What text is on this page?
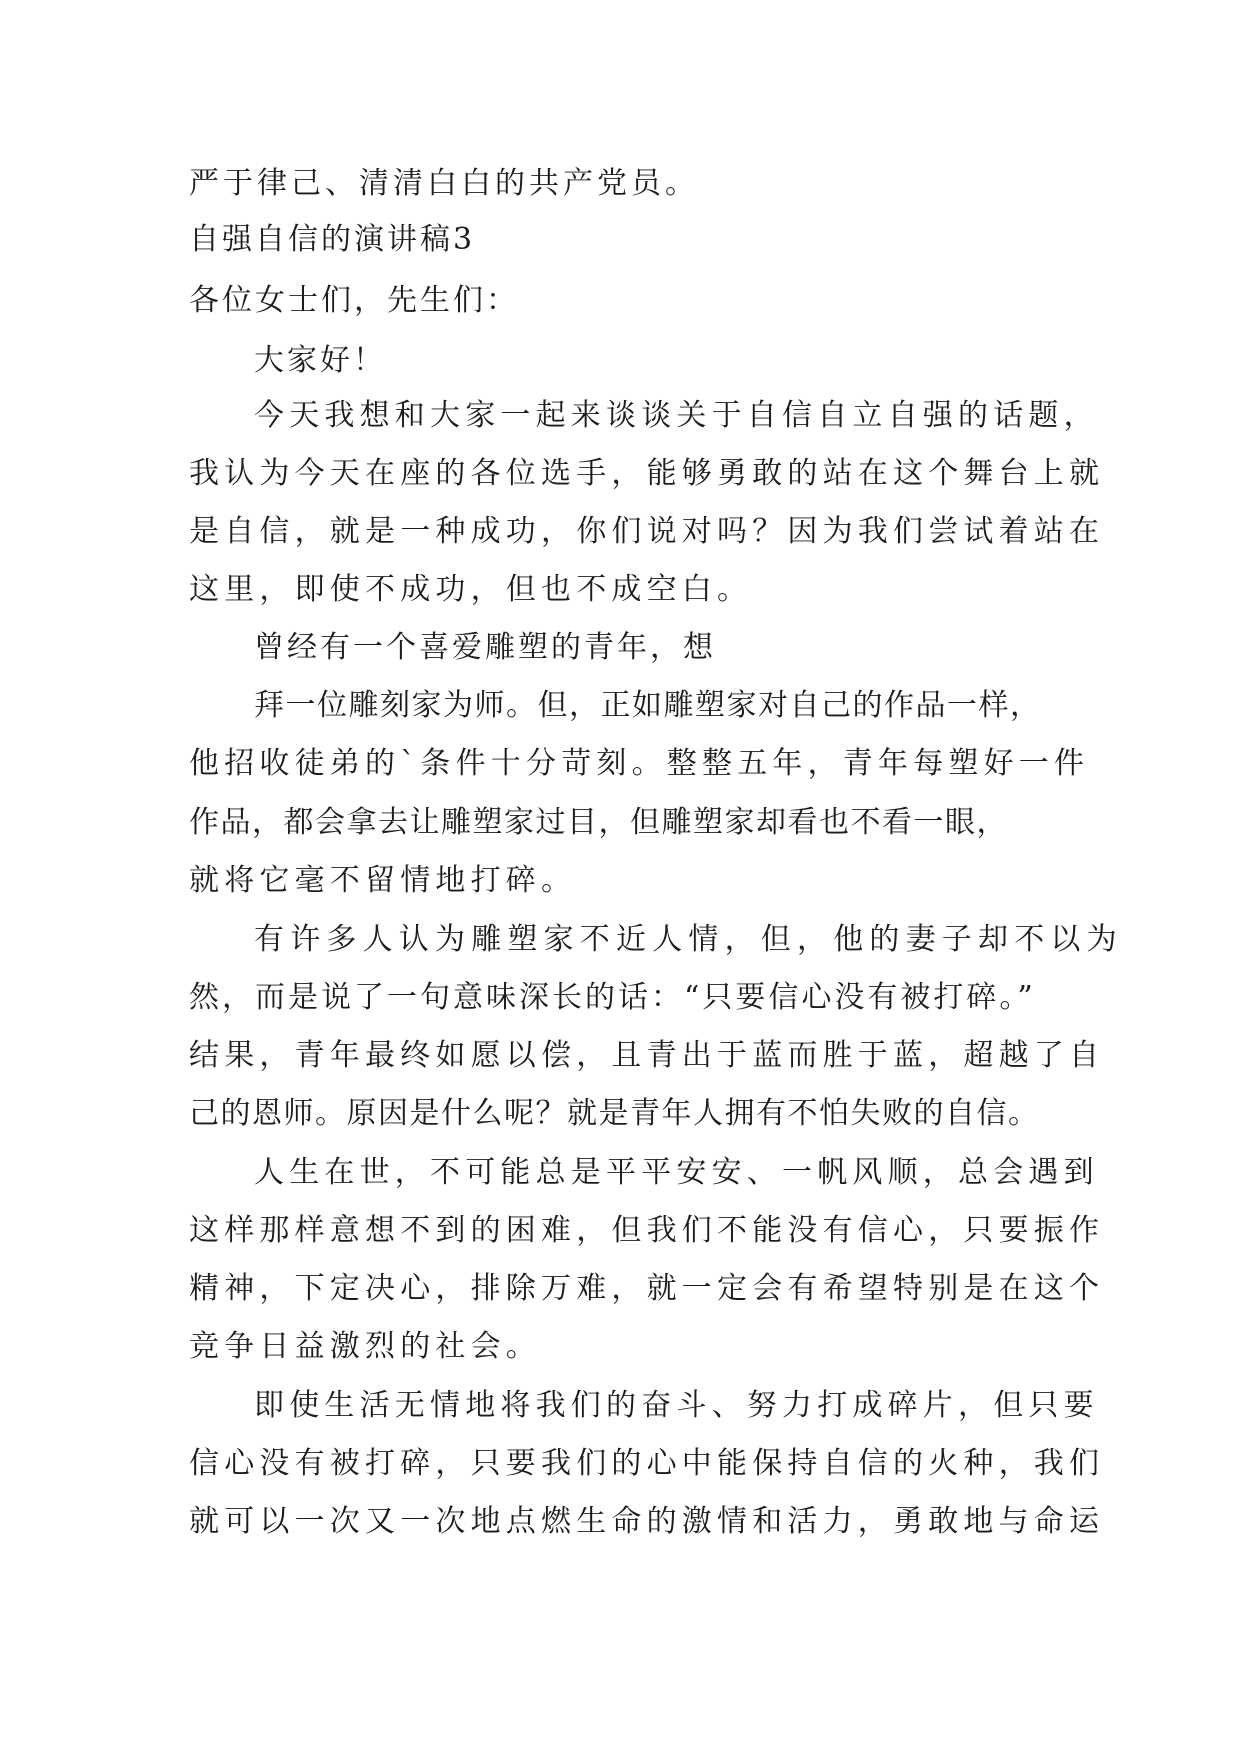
严于律己、清清白白的共产党员。

自强自信的演讲稿3

各位女士们，先生们：

大家好！

今天我想和大家一起来谈谈关于自信自立自强的话题，

我认为今天在座的各位选手，能够勇敢的站在这个舞台上就

是自信，就是一种成功，你们说对吗？因为我们尝试着站在

这里，即使不成功，但也不成空白。

曾经有一个喜爱雕塑的青年，想

拜一位雕刻家为师。但，正如雕塑家对自己的作品一样，

他招收徒弟的`条件十分苛刻。整整五年，青年每塑好一件

作品，都会拿去让雕塑家过目，但雕塑家却看也不看一眼，

就将它毫不留情地打碎。

有许多人认为雕塑家不近人情，但，他的妻子却不以为

然，而是说了一句意味深长的话：“只要信心没有被打碎。”

结果，青年最终如愿以偿，且青出于蓝而胜于蓝，超越了自

己的恩师。原因是什么呢？就是青年人拥有不怕失败的自信。

人生在世，不可能总是平平安安、一帆风顺，总会遇到

这样那样意想不到的困难，但我们不能没有信心，只要振作

精神，下定决心，排除万难，就一定会有希望特别是在这个

竞争日益激烈的社会。

即使生活无情地将我们的奋斗、努力打成碎片，但只要

信心没有被打碎，只要我们的心中能保持自信的火种，我们

就可以一次又一次地点燃生命的激情和活力，勇敢地与命运
